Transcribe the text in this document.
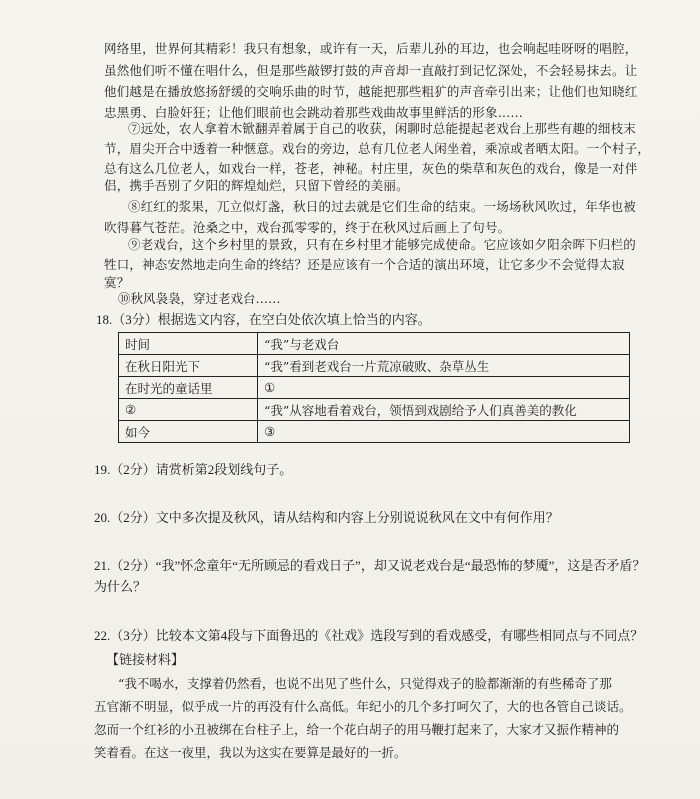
网络里，世界何其精彩！我只有想象，或许有一天，后辈儿孙的耳边，也会响起哇呀呀的唱腔，
虽然他们听不懂在唱什么，但是那些敲锣打鼓的声音却一直敲打到记忆深处，不会轻易抹去。让
他们越是在播放悠扬舒缓的交响乐曲的时节，越能把那些粗犷的声音牵引出来；让他们也知晓红
忠黑勇、白脸奸狂；让他们眼前也会跳动着那些戏曲故事里鲜活的形象……
⑦远处，农人拿着木锨翻弄着属于自己的收获，闲聊时总能提起老戏台上那些有趣的细枝末
节，眉尖开合中透着一种惬意。戏台的旁边，总有几位老人闲坐着，乘凉或者晒太阳。一个村子，
总有这么几位老人，如戏台一样，苍老，神秘。村庄里，灰色的柴草和灰色的戏台，像是一对伴
侣，携手吾别了夕阳的辉煌灿烂，只留下曾经的美丽。
⑧红红的浆果，兀立似灯盏，秋日的过去就是它们生命的结束。一场场秋风吹过，年华也被
吹得暮气苍茫。沧桑之中，戏台孤零零的，终于在秋风过后画上了句号。
⑨老戏台，这个乡村里的景致，只有在乡村里才能够完成使命。它应该如夕阳余晖下归栏的
牲口，神态安然地走向生命的终结？还是应该有一个合适的演出环境，让它多少不会觉得太寂
寞？
18.（3分）根据选文内容，在空白处依次填上恰当的内容。
时间	“我”与老戏台
在秋日阳光下	“我”看到老戏台一片荒凉破败、杂草丛生
在时光的童话里	①
②	“我”从容地看着戏台，领悟到戏剧给予人们真善美的教化
如今	③
19.（2分）请赏析第2段划线句子。
20.（2分）文中多次提及秋风，请从结构和内容上分别说说秋风在文中有何作用？
21.（2分）“我”怀念童年“无所顾忌的看戏日子”，却又说老戏台是“最恐怖的梦魇”，这是否矛盾？
为什么？
22.（3分）比较本文第4段与下面鲁迅的《社戏》选段写到的看戏感受，有哪些相同点与不同点？
【链接材料】
“我不喝水，支撑着仍然看，也说不出见了些什么，只觉得戏子的脸都渐渐的有些稀奇了那
五官渐不明显，似乎成一片的再没有什么高低。年纪小的几个多打呵欠了，大的也各管自己谈话。
忽而一个红衫的小丑被绑在台柱子上，给一个花白胡子的用马鞭打起来了，大家才又振作精神的
笑着看。在这一夜里，我以为这实在要算是最好的一折。
⑩秋风袅袅，穿过老戏台……
